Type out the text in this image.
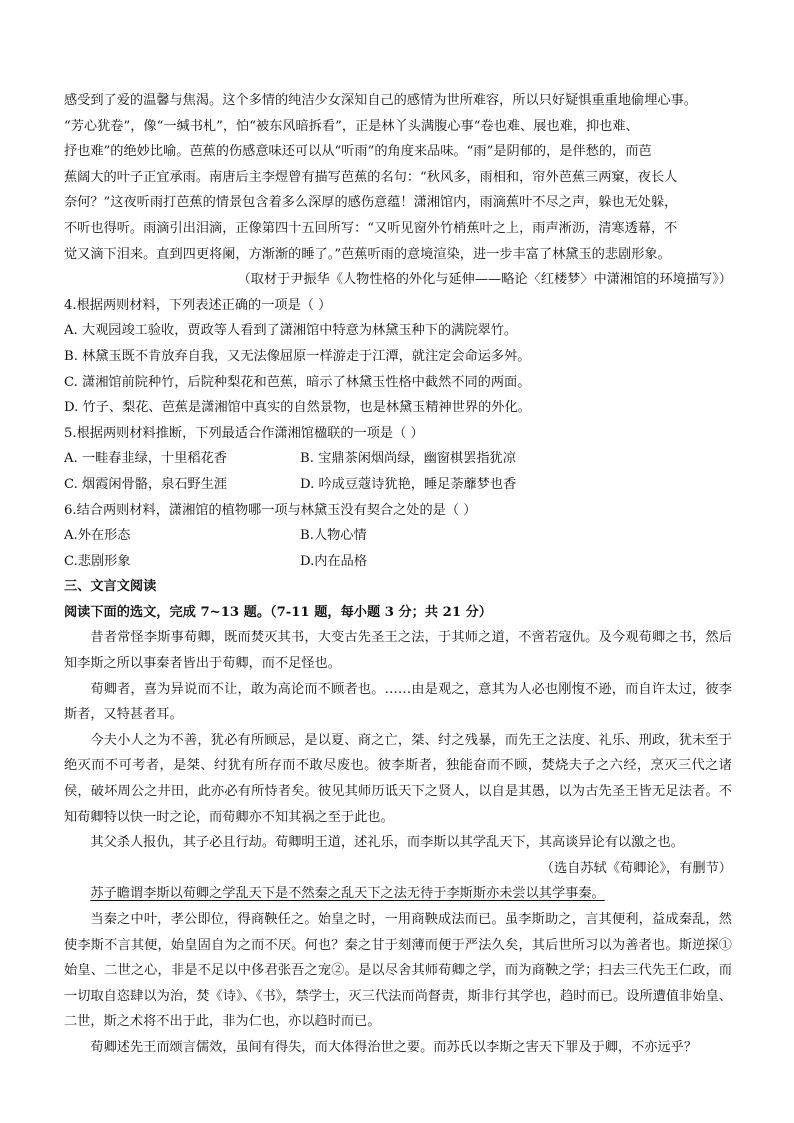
感受到了爱的温馨与焦渴。这个多情的纯洁少女深知自己的感情为世所难容，所以只好疑惧重重地偷埋心事。

“芳心犹卷”，像“一缄书札”，怕“被东风暗拆看”，正是林丫头满腹心事“卷也难、展也难，抑也难、

抒也难”的绝妙比喻。芭蕉的伤感意味还可以从“听雨”的角度来品味。“雨”是阴郁的，是伴愁的，而芭

蕉阔大的叶子正宜承雨。南唐后主李煜曾有描写芭蕉的名句：“秋风多，雨相和，帘外芭蕉三两窠，夜长人

奈何？”这夜听雨打芭蕉的情景包含着多么深厚的感伤意蕴！潇湘馆内，雨滴蕉叶不尽之声，躲也无处躲，

不听也得听。雨滴引出泪滴，正像第四十五回所写：“又听见窗外竹梢蕉叶之上，雨声淅沥，清寒透幕，不

觉又滴下泪来。直到四更将阑，方渐渐的睡了。”芭蕉听雨的意境渲染，进一步丰富了林黛玉的悲剧形象。

（取材于尹振华《人物性格的外化与延伸——略论〈红楼梦〉中潇湘馆的环境描写》）

4.根据两则材料，下列表述正确的一项是（ ）

A. 大观园竣工验收，贾政等人看到了潇湘馆中特意为林黛玉种下的满院翠竹。

B. 林黛玉既不肯放弃自我，又无法像屈原一样游走于江潭，就注定会命运多舛。

C. 潇湘馆前院种竹，后院种梨花和芭蕉，暗示了林黛玉性格中截然不同的两面。

D. 竹子、梨花、芭蕉是潇湘馆中真实的自然景物，也是林黛玉精神世界的外化。

5.根据两则材料推断，下列最适合作潇湘馆楹联的一项是（ ）

A. 一畦春韭绿，十里稻花香	B. 宝鼎茶闲烟尚绿，幽窗棋罢指犹凉
C. 烟霞闲骨骼，泉石野生涯	D. 吟成豆蔻诗犹艳，睡足荼蘼梦也香

6.结合两则材料，潇湘馆的植物哪一项与林黛玉没有契合之处的是（ ）

A.外在形态	B.人物心情
C.悲剧形象	D.内在品格

三、文言文阅读

阅读下面的选文，完成 7~13 题。（7-11 题，每小题 3 分；共 21 分）

昔者常怪李斯事荀卿，既而焚灭其书，大变古先圣王之法，于其师之道，不啻若寇仇。及今观荀卿之书，然后知李斯之所以事秦者皆出于荀卿，而不足怪也。

荀卿者，喜为异说而不让，敢为高论而不顾者也。……由是观之，意其为人必也刚愎不逊，而自许太过，彼李斯者，又特甚者耳。

今夫小人之为不善，犹必有所顾忌，是以夏、商之亡，桀、纣之残暴，而先王之法度、礼乐、刑政，犹未至于绝灭而不可考者，是桀、纣犹有所存而不敢尽废也。彼李斯者，独能奋而不顾，焚烧夫子之六经，烹灭三代之诸侯，破坏周公之井田，此亦必有所恃者矣。彼见其师历诋天下之贤人，以自是其愚，以为古先圣王皆无足法者。不知荀卿特以快一时之论，而荀卿亦不知其祸之至于此也。

其父杀人报仇，其子必且行劫。荀卿明王道，述礼乐，而李斯以其学乱天下，其高谈异论有以激之也。

（选自苏轼《荀卿论》，有删节）

苏子瞻谓李斯以荀卿之学乱天下是不然秦之乱天下之法无待于李斯斯亦未尝以其学事秦。

当秦之中叶，孝公即位，得商鞅任之。始皇之时，一用商鞅成法而已。虽李斯助之，言其便利，益成秦乱，然使李斯不言其便，始皇固自为之而不厌。何也？秦之甘于刻薄而便于严法久矣，其后世所习以为善者也。斯逆探①始皇、二世之心，非是不足以中侈君张吾之宠②。是以尽舍其师荀卿之学，而为商鞅之学；扫去三代先王仁政，而一切取自恣肆以为治，焚《诗》、《书》，禁学士，灭三代法而尚督责，斯非行其学也，趋时而已。设所遭值非始皇、二世，斯之术将不出于此，非为仁也，亦以趋时而已。

荀卿述先王而颂言儒效，虽间有得失，而大体得治世之要。而苏氏以李斯之害天下罪及于卿，不亦远乎？
